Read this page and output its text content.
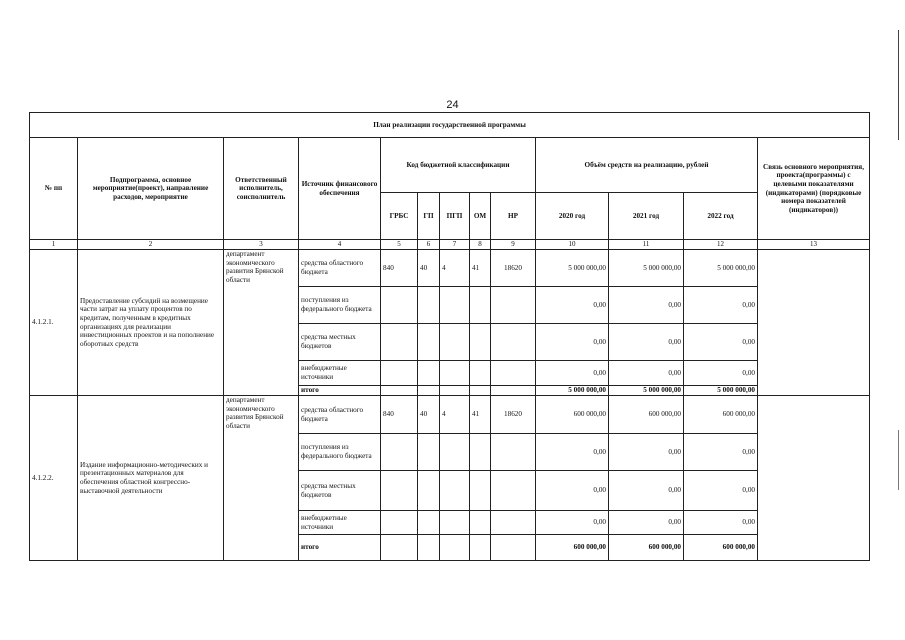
24
План реализации государственной программы												
№ пп	Подпрограмма, основное мероприятие(проект), направление расходов, мероприятие	Ответственный исполнитель, соисполнитель	Источник финансового обеспечения	Код бюджетной классификации					Объём средств на реализацию, рублей			Связь основного мероприятия, проекта(программы) с целевыми показателями (индикаторами) (порядковые номера показателей (индикаторов))
				ГРБС	ГП	ПГП	ОМ	НР	2020 год	2021 год	2022 год	
1	2	3	4	5	6	7	8	9	10	11	12	13
4.1.2.1.	Предоставление субсидий на возмещение части затрат на уплату процентов по кредитам, полученным в кредитных организациях для реализации инвестиционных проектов и на пополнение оборотных средств	департамент экономического развития Брянской области	средства областного бюджета	840	40	4	41	18620	5 000 000,00	5 000 000,00	5 000 000,00	
			поступления из федерального бюджета						0,00	0,00	0,00	
			средства местных бюджетов						0,00	0,00	0,00	
			внебюджетные источники						0,00	0,00	0,00	
			итого						5 000 000,00	5 000 000,00	5 000 000,00	
4.1.2.2.	Издание информационно-методических и презентационных материалов для обеспечения областной конгрессно-выставочной деятельности	департамент экономического развития Брянской области	средства областного бюджета	840	40	4	41	18620	600 000,00	600 000,00	600 000,00	
			поступления из федерального бюджета						0,00	0,00	0,00	
			средства местных бюджетов						0,00	0,00	0,00	
			внебюджетные источники						0,00	0,00	0,00	
			итого						600 000,00	600 000,00	600 000,00	
